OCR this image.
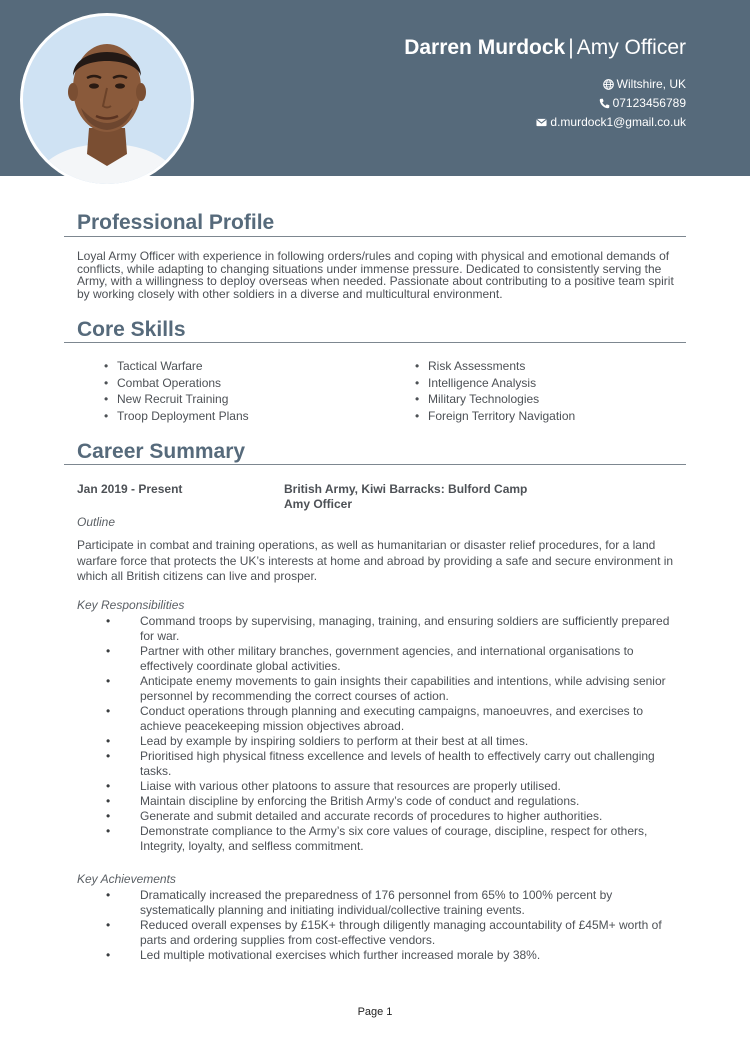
Darren Murdock | Amy Officer
Wiltshire, UK
07123456789
d.murdock1@gmail.co.uk
Professional Profile
Loyal Army Officer with experience in following orders/rules and coping with physical and emotional demands of conflicts, while adapting to changing situations under immense pressure. Dedicated to consistently serving the Army, with a willingness to deploy overseas when needed. Passionate about contributing to a positive team spirit by working closely with other soldiers in a diverse and multicultural environment.
Core Skills
• Tactical Warfare
• Combat Operations
• New Recruit Training
• Troop Deployment Plans
• Risk Assessments
• Intelligence Analysis
• Military Technologies
• Foreign Territory Navigation
Career Summary
Jan 2019 - Present	British Army, Kiwi Barracks: Bulford Camp
Amy Officer
Outline
Participate in combat and training operations, as well as humanitarian or disaster relief procedures, for a land warfare force that protects the UK’s interests at home and abroad by providing a safe and secure environment in which all British citizens can live and prosper.
Key Responsibilities
• Command troops by supervising, managing, training, and ensuring soldiers are sufficiently prepared for war.
• Partner with other military branches, government agencies, and international organisations to effectively coordinate global activities.
• Anticipate enemy movements to gain insights their capabilities and intentions, while advising senior personnel by recommending the correct courses of action.
• Conduct operations through planning and executing campaigns, manoeuvres, and exercises to achieve peacekeeping mission objectives abroad.
• Lead by example by inspiring soldiers to perform at their best at all times.
• Prioritised high physical fitness excellence and levels of health to effectively carry out challenging tasks.
• Liaise with various other platoons to assure that resources are properly utilised.
• Maintain discipline by enforcing the British Army’s code of conduct and regulations.
• Generate and submit detailed and accurate records of procedures to higher authorities.
• Demonstrate compliance to the Army’s six core values of courage, discipline, respect for others, Integrity, loyalty, and selfless commitment.
Key Achievements
• Dramatically increased the preparedness of 176 personnel from 65% to 100% percent by systematically planning and initiating individual/collective training events.
• Reduced overall expenses by £15K+ through diligently managing accountability of £45M+ worth of parts and ordering supplies from cost-effective vendors.
• Led multiple motivational exercises which further increased morale by 38%.
Page 1
